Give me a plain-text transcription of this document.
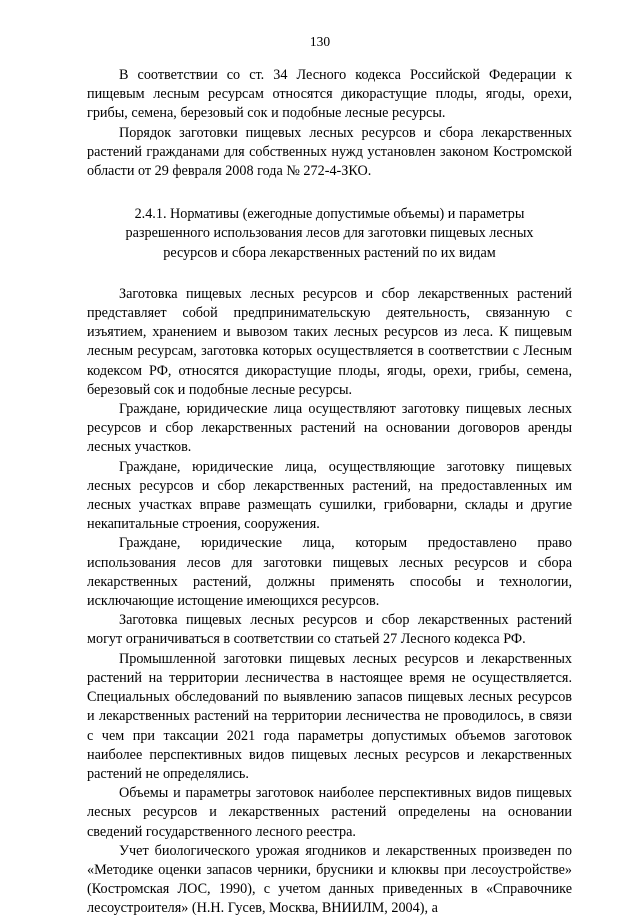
130

В соответствии со ст. 34 Лесного кодекса Российской Федерации к пищевым лесным ресурсам относятся дикорастущие плоды, ягоды, орехи, грибы, семена, березовый сок и подобные лесные ресурсы.

Порядок заготовки пищевых лесных ресурсов и сбора лекарственных растений гражданами для собственных нужд установлен законом Костромской области от 29 февраля 2008 года № 272-4-ЗКО.

2.4.1. Нормативы (ежегодные допустимые объемы) и параметры разрешенного использования лесов для заготовки пищевых лесных ресурсов и сбора лекарственных растений по их видам

Заготовка пищевых лесных ресурсов и сбор лекарственных растений представляет собой предпринимательскую деятельность, связанную с изъятием, хранением и вывозом таких лесных ресурсов из леса. К пищевым лесным ресурсам, заготовка которых осуществляется в соответствии с Лесным кодексом РФ, относятся дикорастущие плоды, ягоды, орехи, грибы, семена, березовый сок и подобные лесные ресурсы.

Граждане, юридические лица осуществляют заготовку пищевых лесных ресурсов и сбор лекарственных растений на основании договоров аренды лесных участков.

Граждане, юридические лица, осуществляющие заготовку пищевых лесных ресурсов и сбор лекарственных растений, на предоставленных им лесных участках вправе размещать сушилки, грибоварни, склады и другие некапитальные строения, сооружения.

Граждане, юридические лица, которым предоставлено право использования лесов для заготовки пищевых лесных ресурсов и сбора лекарственных растений, должны применять способы и технологии, исключающие истощение имеющихся ресурсов.

Заготовка пищевых лесных ресурсов и сбор лекарственных растений могут ограничиваться в соответствии со статьей 27 Лесного кодекса РФ.

Промышленной заготовки пищевых лесных ресурсов и лекарственных растений на территории лесничества в настоящее время не осуществляется. Специальных обследований по выявлению запасов пищевых лесных ресурсов и лекарственных растений на территории лесничества не проводилось, в связи с чем при таксации 2021 года параметры допустимых объемов заготовок наиболее перспективных видов пищевых лесных ресурсов и лекарственных растений не определялись.

Объемы и параметры заготовок наиболее перспективных видов пищевых лесных ресурсов и лекарственных растений определены на основании сведений государственного лесного реестра.

Учет биологического урожая ягодников и лекарственных произведен по «Методике оценки запасов черники, брусники и клюквы при лесоустройстве» (Костромская ЛОС, 1990), с учетом данных приведенных в «Справочнике лесоустроителя» (Н.Н. Гусев, Москва, ВНИИЛМ, 2004), а
